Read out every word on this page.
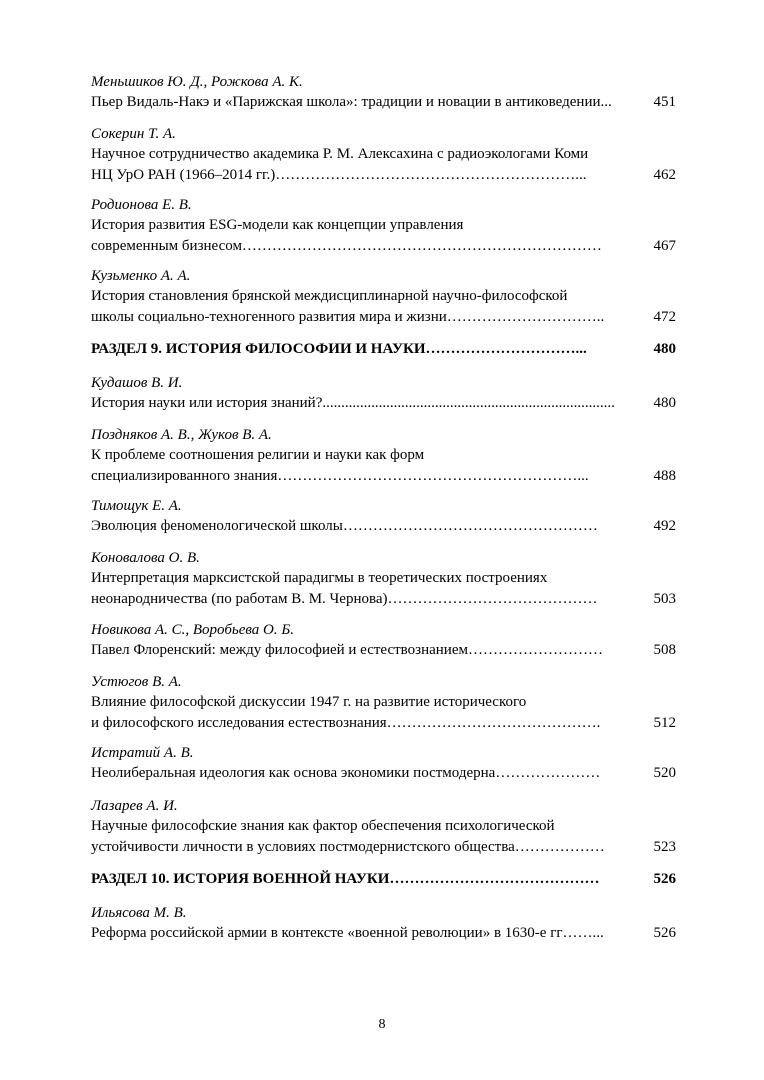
Меньшиков Ю. Д., Рожкова А. К.
Пьер Видаль-Накэ и «Парижская школа»: традиции и новации в антиковедении...	451
Сокерин Т. А.
Научное сотрудничество академика Р. М. Алексахина с радиоэкологами Коми
НЦ УрО РАН (1966–2014 гг.)……………………………………………………...	462
Родионова Е. В.
История развития ESG-модели как концепции управления
современным бизнесом………………………………………………………………	467
Кузьменко А. А.
История становления брянской междисциплинарной научно-философской
школы социально-техногенного развития мира и жизни…………………………..	472
РАЗДЕЛ 9. ИСТОРИЯ ФИЛОСОФИИ И НАУКИ…………………………...	480
Кудашов В. И.
История науки или история знаний?..............................................................................	480
Поздняков А. В., Жуков В. А.
К проблеме соотношения религии и науки как форм
специализированного знания……………………………………………………...	488
Тимощук Е. А.
Эволюция феноменологической школы……………………………………………	492
Коновалова О. В.
Интерпретация марксистской парадигмы в теоретических построениях
неонародничества (по работам В. М. Чернова)……………………………………	503
Новикова А. С., Воробьева О. Б.
Павел Флоренский: между философией и естествознанием………………………	508
Устюгов В. А.
Влияние философской дискуссии 1947 г. на развитие исторического
и философского исследования естествознания…………………………………….	512
Истратий А. В.
Неолиберальная идеология как основа экономики постмодерна…………………	520
Лазарев А. И.
Научные философские знания как фактор обеспечения психологической
устойчивости личности в условиях постмодернистского общества………………	523
РАЗДЕЛ 10. ИСТОРИЯ ВОЕННОЙ НАУКИ……………………………………	526
Ильясова М. В.
Реформа российской армии в контексте «военной революции» в 1630-е гг……...	526
8
